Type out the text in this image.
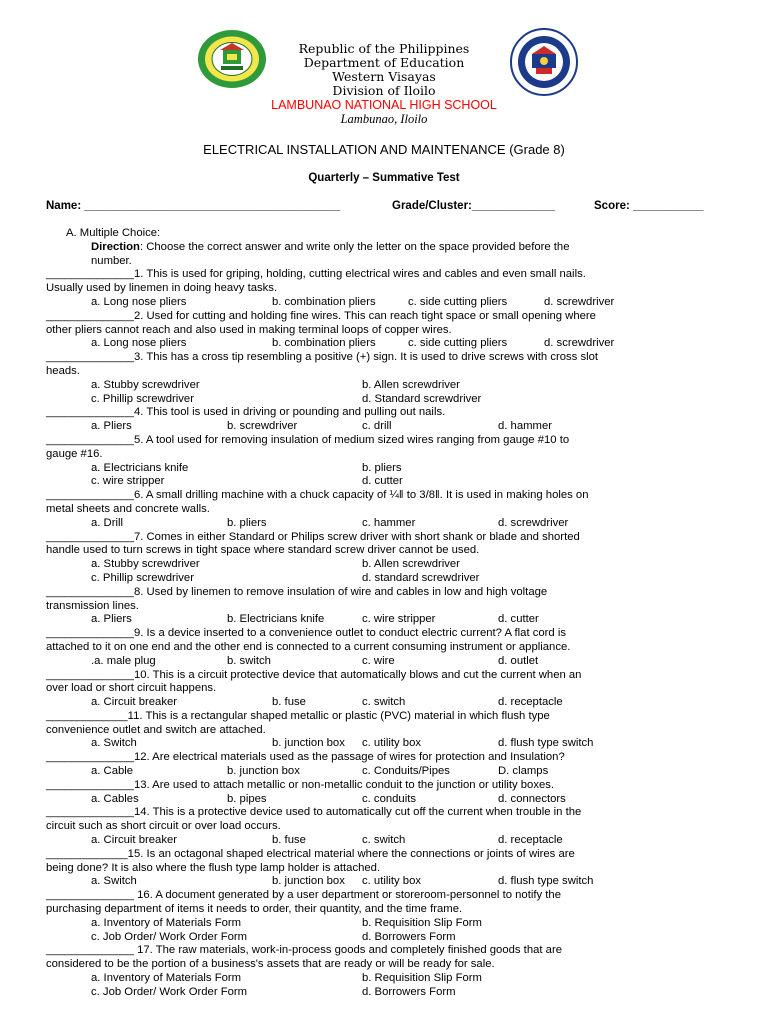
Republic of the Philippines
Department of Education
Western Visayas
Division of Iloilo
LAMBUNAO NATIONAL HIGH SCHOOL
Lambunao, Iloilo
ELECTRICAL INSTALLATION AND MAINTENANCE (Grade 8)
Quarterly – Summative Test
Name: ________________________________________	Grade/Cluster:_____________	Score: ___________
A. Multiple Choice:
Direction: Choose the correct answer and write only the letter on the space provided before the
number.
______________1. This is used for griping, holding, cutting electrical wires and cables and even small nails.
Usually used by linemen in doing heavy tasks.
a. Long nose pliers	b. combination pliers	c. side cutting pliers	d. screwdriver
______________2. Used for cutting and holding fine wires. This can reach tight space or small opening where
other pliers cannot reach and also used in making terminal loops of copper wires.
a. Long nose pliers	b. combination pliers	c. side cutting pliers	d. screwdriver
______________3. This has a cross tip resembling a positive (+) sign. It is used to drive screws with cross slot
heads.
a. Stubby screwdriver	b. Allen screwdriver
c. Phillip screwdriver	d. Standard screwdriver
______________4. This tool is used in driving or pounding and pulling out nails.
a. Pliers	b. screwdriver	c. drill	d. hammer
______________5. A tool used for removing insulation of medium sized wires ranging from gauge #10 to
gauge #16.
a. Electricians knife	b. pliers
c. wire stripper	d. cutter
______________6. A small drilling machine with a chuck capacity of ¼‖ to 3/8‖. It is used in making holes on
metal sheets and concrete walls.
a. Drill	b. pliers	c. hammer	d. screwdriver
______________7. Comes in either Standard or Philips screw driver with short shank or blade and shorted
handle used to turn screws in tight space where standard screw driver cannot be used.
a. Stubby screwdriver	b. Allen screwdriver
c. Phillip screwdriver	d. standard screwdriver
______________8. Used by linemen to remove insulation of wire and cables in low and high voltage
transmission lines.
a. Pliers	b. Electricians knife	c. wire stripper	d. cutter
______________9. Is a device inserted to a convenience outlet to conduct electric current? A flat cord is
attached to it on one end and the other end is connected to a current consuming instrument or appliance.
.a. male plug	b. switch	c. wire	d. outlet
______________10. This is a circuit protective device that automatically blows and cut the current when an
over load or short circuit happens.
a. Circuit breaker	b. fuse	c. switch	d. receptacle
_____________11. This is a rectangular shaped metallic or plastic (PVC) material in which flush type
convenience outlet and switch are attached.
a. Switch	b. junction box c. utility box	d. flush type switch
______________12. Are electrical materials used as the passage of wires for protection and Insulation?
a. Cable	b. junction box	c. Conduits/Pipes	D. clamps
______________13. Are used to attach metallic or non-metallic conduit to the junction or utility boxes.
a. Cables	b. pipes	c. conduits	d. connectors
______________14. This is a protective device used to automatically cut off the current when trouble in the
circuit such as short circuit or over load occurs.
a. Circuit breaker	b. fuse	c. switch	d. receptacle
_____________15. Is an octagonal shaped electrical material where the connections or joints of wires are
being done? It is also where the flush type lamp holder is attached.
a. Switch	b. junction box c. utility box	d. flush type switch
______________ 16. A document generated by a user department or storeroom-personnel to notify the
purchasing department of items it needs to order, their quantity, and the time frame.
a. Inventory of Materials Form	b. Requisition Slip Form
c. Job Order/ Work Order Form	d. Borrowers Form
______________ 17. The raw materials, work-in-process goods and completely finished goods that are
considered to be the portion of a business's assets that are ready or will be ready for sale.
a. Inventory of Materials Form	b. Requisition Slip Form
c. Job Order/ Work Order Form	d. Borrowers Form
